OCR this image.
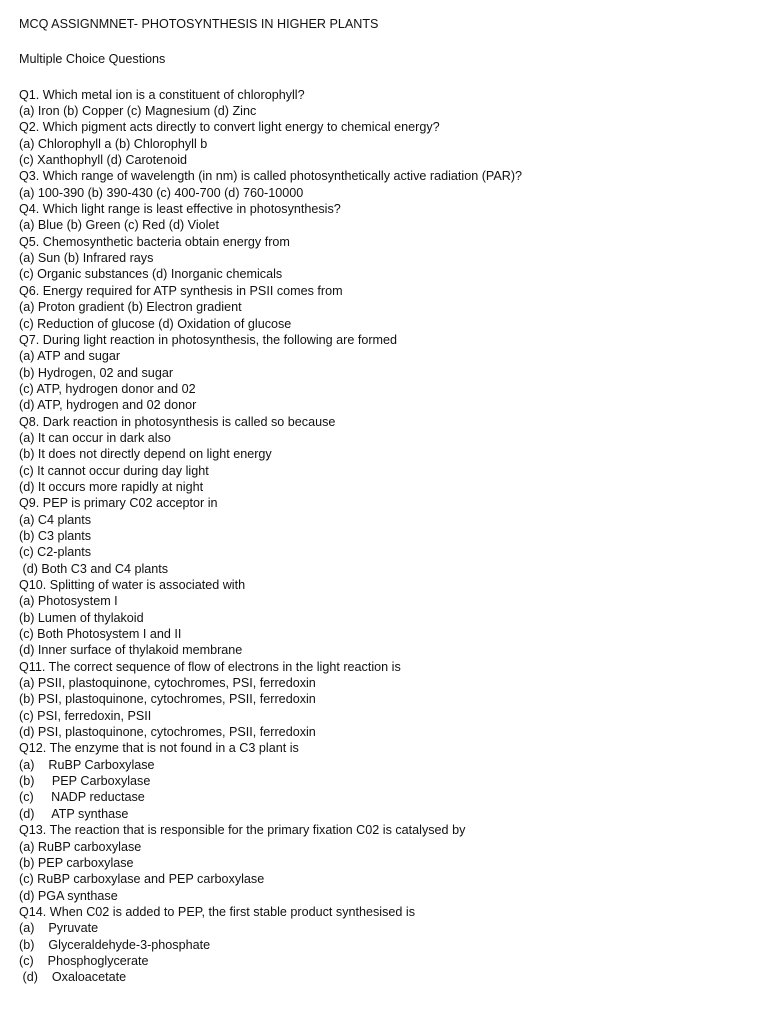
MCQ ASSIGNMNET- PHOTOSYNTHESIS IN HIGHER PLANTS
Multiple Choice Questions
Q1. Which metal ion is a constituent of chlorophyll?
(a) Iron (b) Copper (c) Magnesium (d) Zinc
Q2. Which pigment acts directly to convert light energy to chemical energy?
(a) Chlorophyll a (b) Chlorophyll b
(c) Xanthophyll (d) Carotenoid
Q3. Which range of wavelength (in nm) is called photosynthetically active radiation (PAR)?
(a) 100-390 (b) 390-430 (c) 400-700 (d) 760-10000
Q4. Which light range is least effective in photosynthesis?
(a) Blue (b) Green (c) Red (d) Violet
Q5. Chemosynthetic bacteria obtain energy from
(a) Sun (b) Infrared rays
(c) Organic substances (d) Inorganic chemicals
Q6. Energy required for ATP synthesis in PSII comes from
(a) Proton gradient (b) Electron gradient
(c) Reduction of glucose (d) Oxidation of glucose
Q7. During light reaction in photosynthesis, the following are formed
(a) ATP and sugar
(b) Hydrogen, 02 and sugar
(c) ATP, hydrogen donor and 02
(d) ATP, hydrogen and 02 donor
Q8. Dark reaction in photosynthesis is called so because
(a) It can occur in dark also
(b) It does not directly depend on light energy
(c) It cannot occur during day light
(d) It occurs more rapidly at night
Q9. PEP is primary C02 acceptor in
(a) C4 plants
(b) C3 plants
(c) C2-plants
(d) Both C3 and C4 plants
Q10. Splitting of water is associated with
(a) Photosystem I
(b) Lumen of thylakoid
(c) Both Photosystem I and II
(d) Inner surface of thylakoid membrane
Q11. The correct sequence of flow of electrons in the light reaction is
(a) PSII, plastoquinone, cytochromes, PSI, ferredoxin
(b) PSI, plastoquinone, cytochromes, PSII, ferredoxin
(c) PSI, ferredoxin, PSII
(d) PSI, plastoquinone, cytochromes, PSII, ferredoxin
Q12. The enzyme that is not found in a C3 plant is
(a)    RuBP Carboxylase
(b)     PEP Carboxylase
(c)     NADP reductase
(d)     ATP synthase
Q13. The reaction that is responsible for the primary fixation C02 is catalysed by
(a) RuBP carboxylase
(b) PEP carboxylase
(c) RuBP carboxylase and PEP carboxylase
(d) PGA synthase
Q14. When C02 is added to PEP, the first stable product synthesised is
(a)    Pyruvate
(b)    Glyceraldehyde-3-phosphate
(c)    Phosphoglycerate
(d)    Oxaloacetate
